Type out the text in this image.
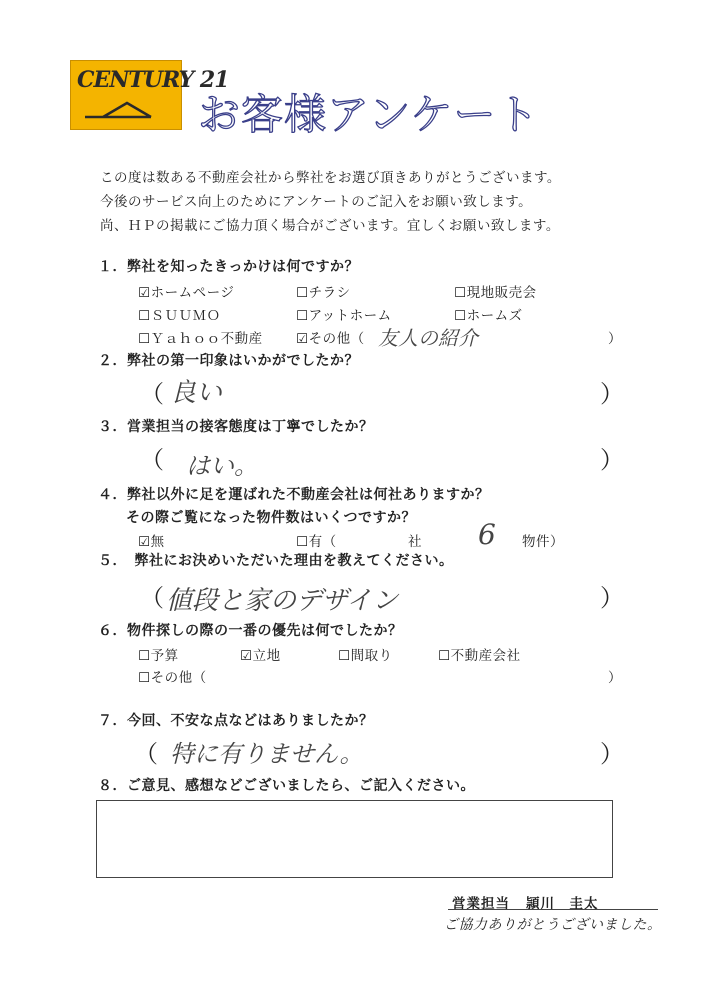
CENTURY 21
お客様アンケート
この度は数ある不動産会社から弊社をお選び頂きありがとうございます。
今後のサービス向上のためにアンケートのご記入をお願い致します。
尚、ＨＰの掲載にご協力頂く場合がございます。宜しくお願い致します。
１．弊社を知ったきっかけは何ですか？
☑ホームページ	☐チラシ	☐現地販売会
☐ＳＵＵＭＯ	☐アットホーム	☐ホームズ
☐Ｙａｈｏｏ不動産 ☑その他（ 友人の紹介	）
２．弊社の第一印象はいかがでしたか？
（ 良い	）
３．営業担当の接客態度は丁寧でしたか？
（ はい。	）
４．弊社以外に足を運ばれた不動産会社は何社ありますか？
その際ご覧になった物件数はいくつですか？
☑無	☐有（	社 6 物件）
５．　弊社にお決めいただいた理由を教えてください。
（ 値段と家のデザイン	）
６．物件探しの際の一番の優先は何でしたか？
☐予算	☑立地	☐間取り	☐不動産会社
☐その他（	）
７．今回、不安な点などはありましたか？
（ 特に有りません。	）
８．ご意見、感想などございましたら、ご記入ください。
営業担当 頴川　圭太
ご協力ありがとうございました。
